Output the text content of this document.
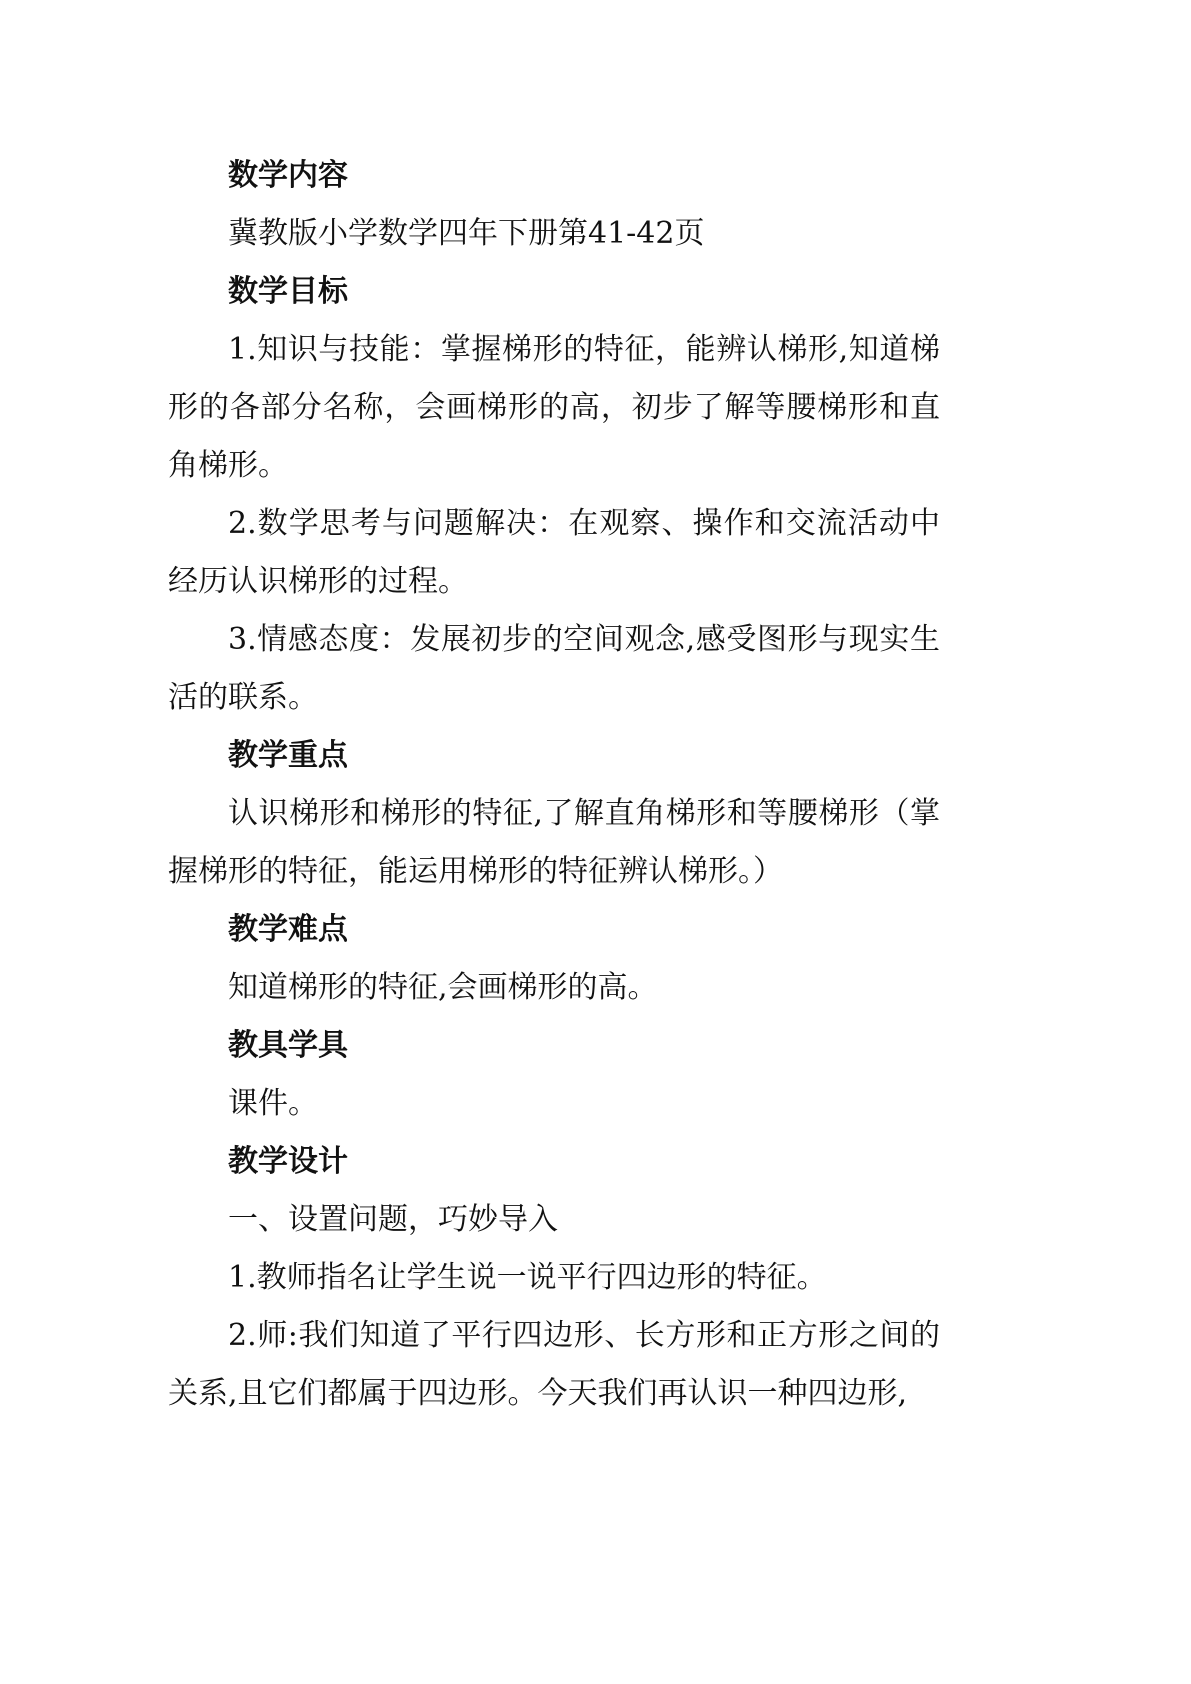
数学内容
冀教版小学数学四年下册第41-42页
数学目标
1.知识与技能：掌握梯形的特征，能辨认梯形,知道梯
形的各部分名称，会画梯形的高，初步了解等腰梯形和直
角梯形。
2.数学思考与问题解决：在观察、操作和交流活动中
经历认识梯形的过程。
3.情感态度：发展初步的空间观念,感受图形与现实生
活的联系。
教学重点
认识梯形和梯形的特征,了解直角梯形和等腰梯形（掌
握梯形的特征，能运用梯形的特征辨认梯形。）
教学难点
知道梯形的特征,会画梯形的高。
教具学具
课件。
教学设计
一、设置问题，巧妙导入
1.教师指名让学生说一说平行四边形的特征。
2.师:我们知道了平行四边形、长方形和正方形之间的
关系,且它们都属于四边形。今天我们再认识一种四边形,
